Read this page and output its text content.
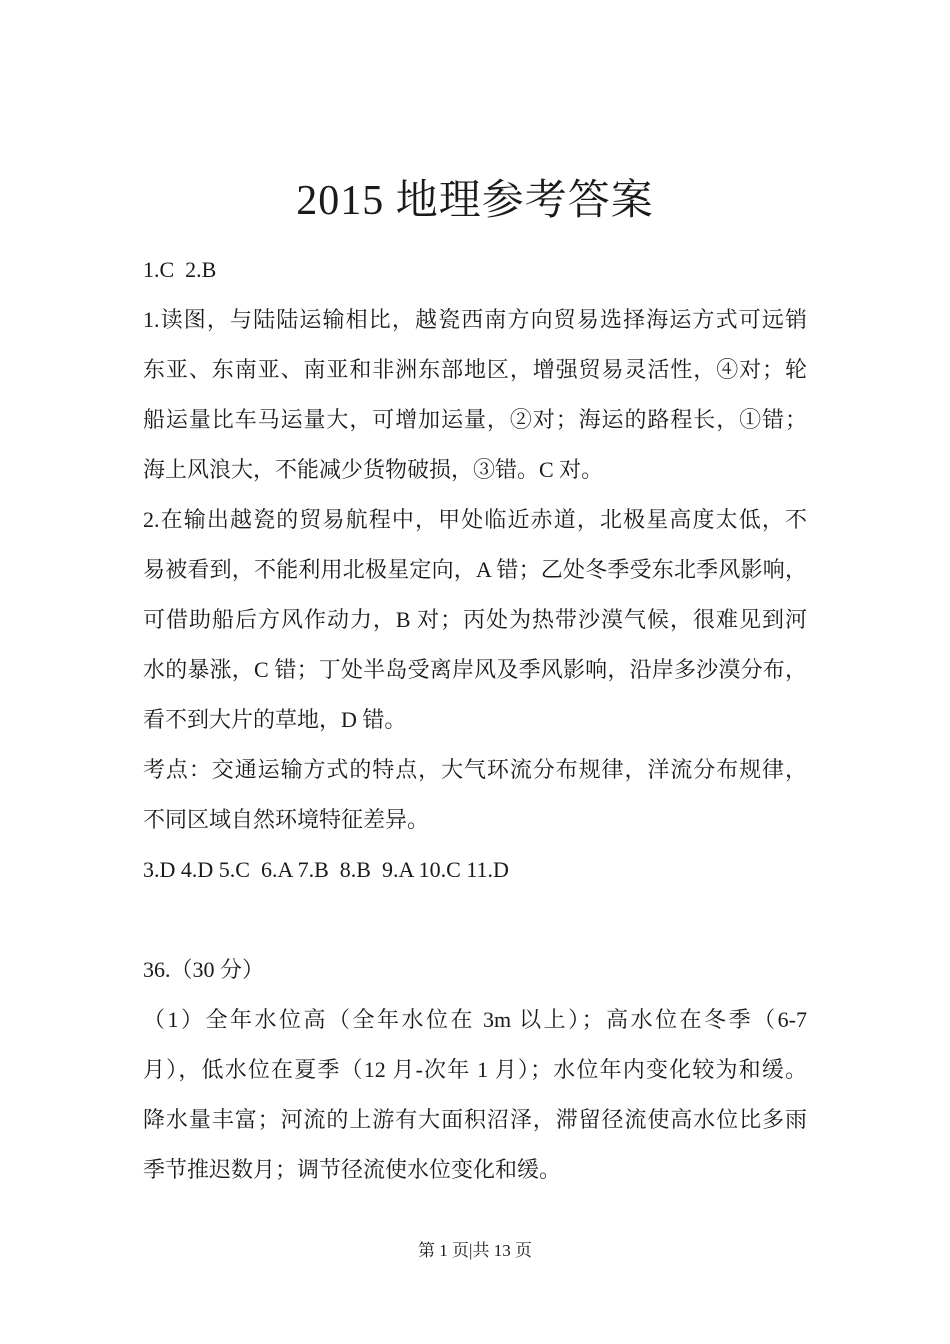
2015 地理参考答案
1.C  2.B
1.读图，与陆陆运输相比，越瓷西南方向贸易选择海运方式可远销
东亚、东南亚、南亚和非洲东部地区，增强贸易灵活性，④对；轮
船运量比车马运量大，可增加运量，②对；海运的路程长，①错；
海上风浪大，不能减少货物破损，③错。C 对。
2.在输出越瓷的贸易航程中，甲处临近赤道，北极星高度太低，不
易被看到，不能利用北极星定向，A 错；乙处冬季受东北季风影响，
可借助船后方风作动力，B 对；丙处为热带沙漠气候，很难见到河
水的暴涨，C 错；丁处半岛受离岸风及季风影响，沿岸多沙漠分布，
看不到大片的草地，D 错。
考点：交通运输方式的特点，大气环流分布规律，洋流分布规律，
不同区域自然环境特征差异。
3.D 4.D 5.C  6.A 7.B  8.B  9.A 10.C 11.D
36.（30 分）
（1）全年水位高（全年水位在 3m 以上）；高水位在冬季（6-7
月），低水位在夏季（12 月-次年 1 月）；水位年内变化较为和缓。
降水量丰富；河流的上游有大面积沼泽，滞留径流使高水位比多雨
季节推迟数月；调节径流使水位变化和缓。
第 1 页|共 13 页
